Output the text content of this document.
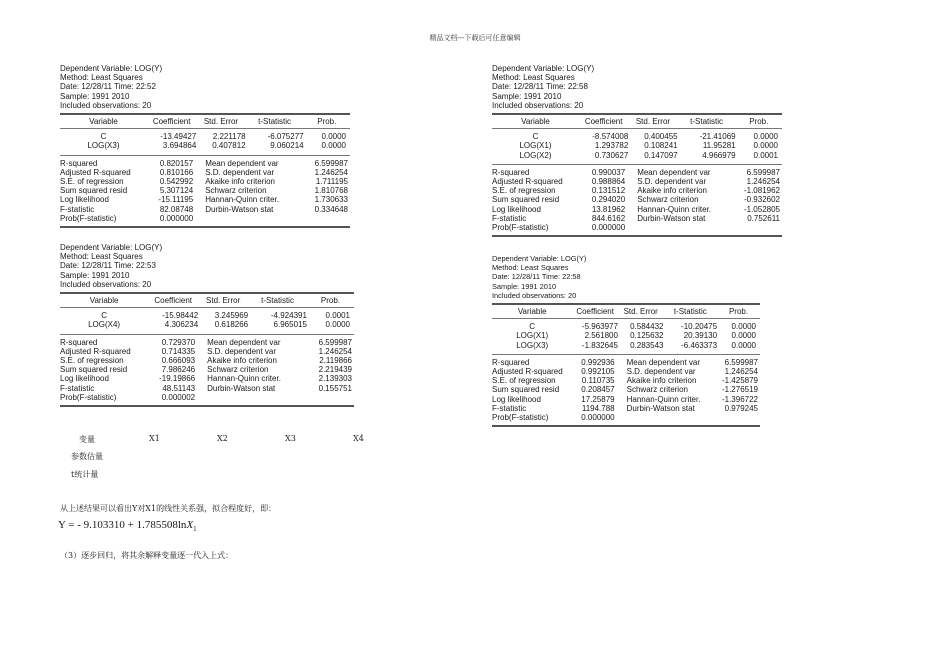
精品文档---下载后可任意编辑
Dependent Variable: LOG(Y)
Method: Least Squares
Date: 12/28/11 Time: 22:52
Sample: 1991 2010
Included observations: 20
Variable	Coefficient	Std. Error	t-Statistic	Prob.

C	-13.49427	2.221178	-6.075277	0.0000
LOG(X3)	3.694864	0.407812	9.060214	0.0000
R-squared	0.820157	Mean dependent var	6.599987
Adjusted R-squared	0.810166	S.D. dependent var	1.246254
S.E. of regression	0.542992	Akaike info criterion	1.711195
Sum squared resid	5.307124	Schwarz criterion	1.810768
Log likelihood	-15.11195	Hannan-Quinn criter.	1.730633
F-statistic	82.08748	Durbin-Watson stat	0.334648
Prob(F-statistic)	0.000000		
Dependent Variable: LOG(Y)
Method: Least Squares
Date: 12/28/11 Time: 22:53
Sample: 1991 2010
Included observations: 20
Variable	Coefficient	Std. Error	t-Statistic	Prob.

C	-15.98442	3.245969	-4.924391	0.0001
LOG(X4)	4.306234	0.618266	6.965015	0.0000
R-squared	0.729370	Mean dependent var	6.599987
Adjusted R-squared	0.714335	S.D. dependent var	1.246254
S.E. of regression	0.666093	Akaike info criterion	2.119866
Sum squared resid	7.986246	Schwarz criterion	2.219439
Log likelihood	-19.19866	Hannan-Quinn criter.	2.139303
F-statistic	48.51143	Durbin-Watson stat	0.155751
Prob(F-statistic)	0.000002		
Dependent Variable: LOG(Y)
Method: Least Squares
Date: 12/28/11 Time: 22:58
Sample: 1991 2010
Included observations: 20
Variable	Coefficient	Std. Error	t-Statistic	Prob.

C	-8.574008	0.400455	-21.41069	0.0000
LOG(X1)	1.293782	0.108241	11.95281	0.0000
LOG(X2)	0.730627	0.147097	4.966979	0.0001
R-squared	0.990037	Mean dependent var	6.599987
Adjusted R-squared	0.988864	S.D. dependent var	1.246254
S.E. of regression	0.131512	Akaike info criterion	-1.081962
Sum squared resid	0.294020	Schwarz criterion	-0.932602
Log likelihood	13.81962	Hannan-Quinn criter.	-1.052805
F-statistic	844.6162	Durbin-Watson stat	0.752611
Prob(F-statistic)	0.000000		
Dependent Variable: LOG(Y)
Method: Least Squares
Date: 12/28/11 Time: 22:58
Sample: 1991 2010
Included observations: 20
Variable	Coefficient	Std. Error	t-Statistic	Prob.

C	-5.963977	0.584432	-10.20475	0.0000
LOG(X1)	2.561800	0.125632	20.39130	0.0000
LOG(X3)	-1.832645	0.283543	-6.463373	0.0000
R-squared	0.992936	Mean dependent var	6.599987
Adjusted R-squared	0.992105	S.D. dependent var	1.246254
S.E. of regression	0.110735	Akaike info criterion	-1.425879
Sum squared resid	0.208457	Schwarz criterion	-1.276519
Log likelihood	17.25879	Hannan-Quinn criter.	-1.396722
F-statistic	1194.788	Durbin-Watson stat	0.979245
Prob(F-statistic)	0.000000		
变量	X1	X2	X3	X4
参数估量
t统计量
从上述结果可以看出Y对X1的线性关系强，拟合程度好，即：
Y = - 9.103310 + 1.785508lnX$_1$
（3）逐步回归，将其余解释变量逐一代入上式：
